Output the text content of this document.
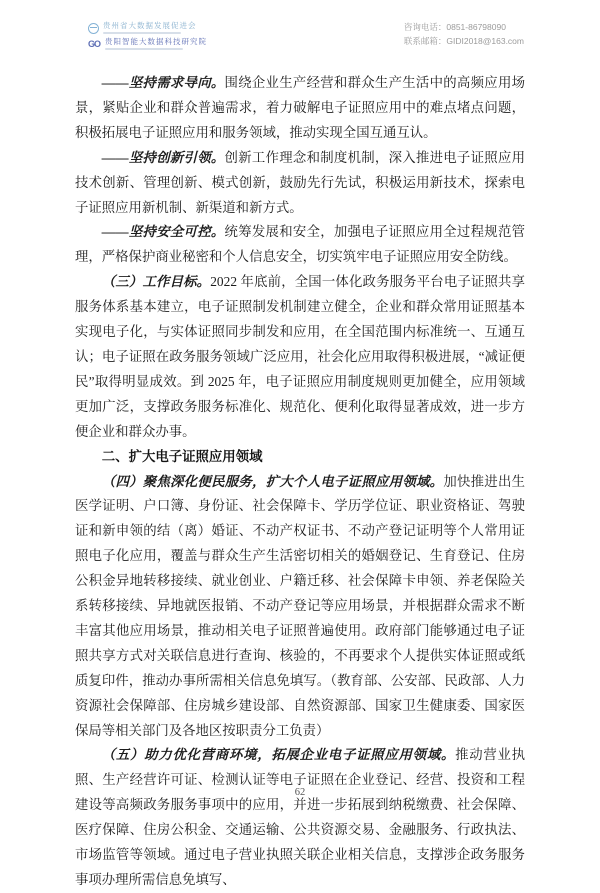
贵州省大数据发展促进会
GO 贵阳智能大数据科技研究院
咨询电话：0851-86798090
联系邮箱：GIDI2018@163.com

——坚持需求导向。围绕企业生产经营和群众生产生活中的高频应用场景，紧贴企业和群众普遍需求，着力破解电子证照应用中的难点堵点问题，积极拓展电子证照应用和服务领域，推动实现全国互通互认。

——坚持创新引领。创新工作理念和制度机制，深入推进电子证照应用技术创新、管理创新、模式创新，鼓励先行先试，积极运用新技术，探索电子证照应用新机制、新渠道和新方式。

——坚持安全可控。统筹发展和安全，加强电子证照应用全过程规范管理，严格保护商业秘密和个人信息安全，切实筑牢电子证照应用安全防线。

（三）工作目标。2022 年底前，全国一体化政务服务平台电子证照共享服务体系基本建立，电子证照制发机制建立健全，企业和群众常用证照基本实现电子化，与实体证照同步制发和应用，在全国范围内标准统一、互通互认；电子证照在政务服务领域广泛应用，社会化应用取得积极进展，“减证便民”取得明显成效。到 2025 年，电子证照应用制度规则更加健全，应用领域更加广泛，支撑政务服务标准化、规范化、便利化取得显著成效，进一步方便企业和群众办事。

二、扩大电子证照应用领域

（四）聚焦深化便民服务，扩大个人电子证照应用领域。加快推进出生医学证明、户口簿、身份证、社会保障卡、学历学位证、职业资格证、驾驶证和新申领的结（离）婚证、不动产权证书、不动产登记证明等个人常用证照电子化应用，覆盖与群众生产生活密切相关的婚姻登记、生育登记、住房公积金异地转移接续、就业创业、户籍迁移、社会保障卡申领、养老保险关系转移接续、异地就医报销、不动产登记等应用场景，并根据群众需求不断丰富其他应用场景，推动相关电子证照普遍使用。政府部门能够通过电子证照共享方式对关联信息进行查询、核验的，不再要求个人提供实体证照或纸质复印件，推动办事所需相关信息免填写。（教育部、公安部、民政部、人力资源社会保障部、住房城乡建设部、自然资源部、国家卫生健康委、国家医保局等相关部门及各地区按职责分工负责）

（五）助力优化营商环境，拓展企业电子证照应用领域。推动营业执照、生产经营许可证、检测认证等电子证照在企业登记、经营、投资和工程建设等高频政务服务事项中的应用，并进一步拓展到纳税缴费、社会保障、医疗保障、住房公积金、交通运输、公共资源交易、金融服务、行政执法、市场监管等领域。通过电子营业执照关联企业相关信息，支撑涉企政务服务事项办理所需信息免填写、

62
